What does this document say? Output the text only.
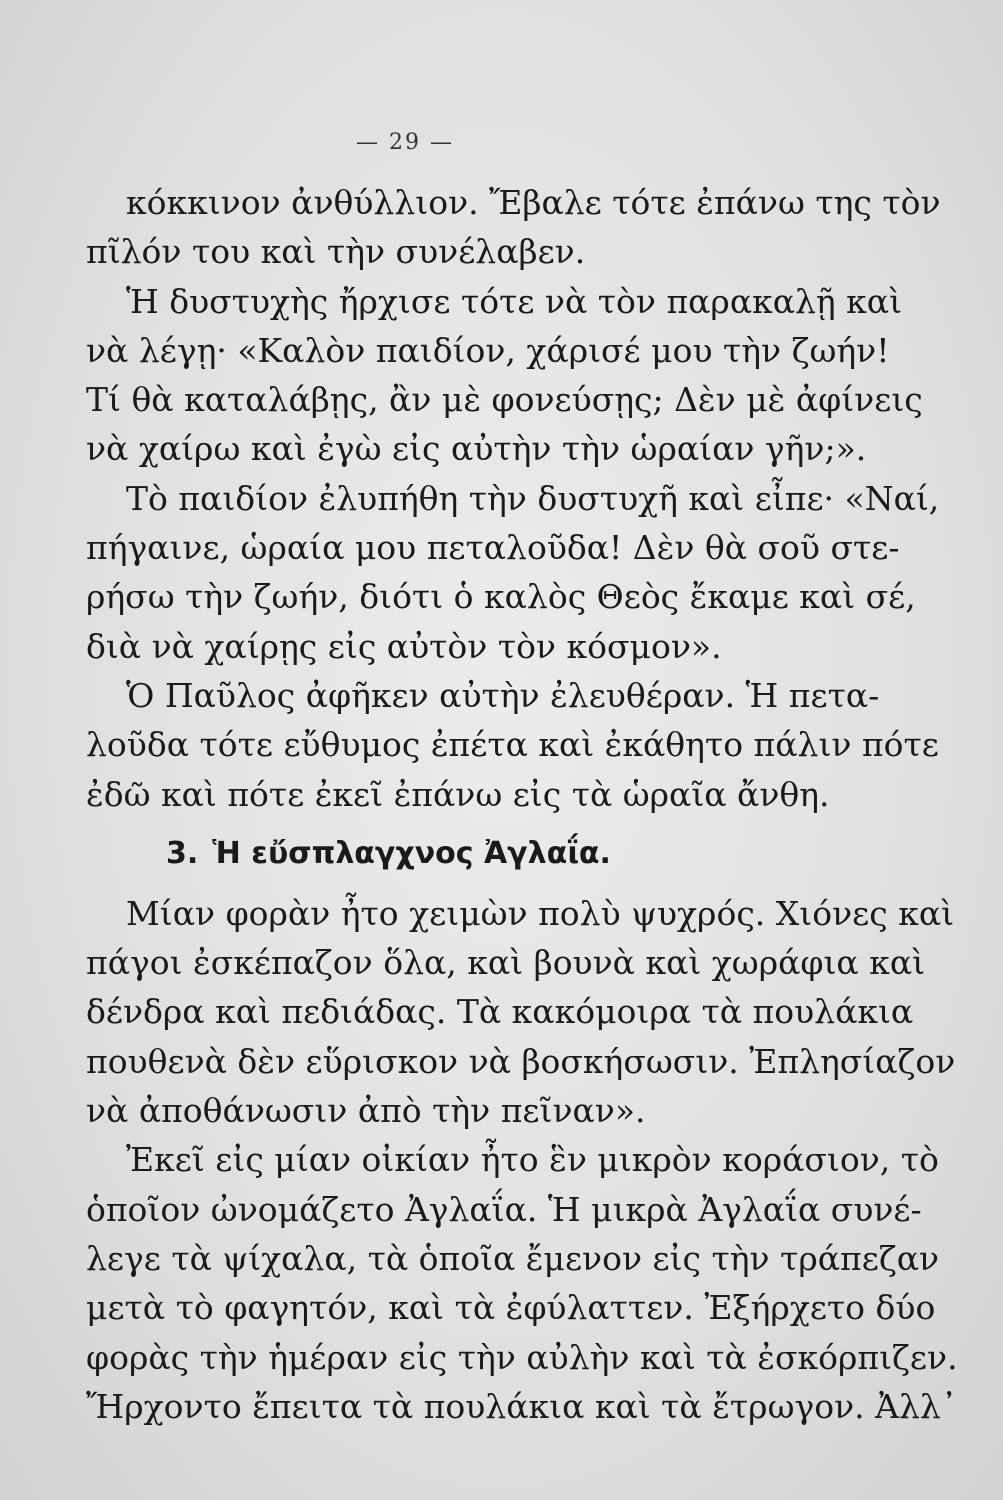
— 29 —
κόκκινον ἀνθύλλιον. Ἔβαλε τότε ἐπάνω της τὸν
πῖλόν του καὶ τὴν συνέλαβεν.
Ἡ δυστυχὴς ἤρχισε τότε νὰ τὸν παρακαλῇ καὶ
νὰ λέγῃ· «Καλὸν παιδίον, χάρισέ μου τὴν ζωήν!
Τί θὰ καταλάβῃς, ἂν μὲ φονεύσῃς; Δὲν μὲ ἀφίνεις
νὰ χαίρω καὶ ἐγὼ εἰς αὐτὴν τὴν ὡραίαν γῆν;».
Τὸ παιδίον ἐλυπήθη τὴν δυστυχῆ καὶ εἶπε· «Ναί,
πήγαινε, ὡραία μου πεταλοῦδα! Δὲν θὰ σοῦ στε-
ρήσω τὴν ζωήν, διότι ὁ καλὸς Θεὸς ἔκαμε καὶ σέ,
διὰ νὰ χαίρῃς εἰς αὐτὸν τὸν κόσμον».
Ὁ Παῦλος ἀφῆκεν αὐτὴν ἐλευθέραν. Ἡ πετα-
λοῦδα τότε εὔθυμος ἐπέτα καὶ ἐκάθητο πάλιν πότε
ἐδῶ καὶ πότε ἐκεῖ ἐπάνω εἰς τὰ ὡραῖα ἄνθη.
3. Ἡ εὔσπλαγχνος Ἀγλαΐα.
Μίαν φορὰν ἦτο χειμὼν πολὺ ψυχρός. Χιόνες καὶ
πάγοι ἐσκέπαζον ὅλα, καὶ βουνὰ καὶ χωράφια καὶ
δένδρα καὶ πεδιάδας. Τὰ κακόμοιρα τὰ πουλάκια
πουθενὰ δὲν εὕρισκον νὰ βοσκήσωσιν. Ἐπλησίαζον
νὰ ἀποθάνωσιν ἀπὸ τὴν πεῖναν».
Ἐκεῖ εἰς μίαν οἰκίαν ἦτο ἓν μικρὸν κοράσιον, τὸ
ὁποῖον ὠνομάζετο Ἀγλαΐα. Ἡ μικρὰ Ἀγλαΐα συνέ-
λεγε τὰ ψίχαλα, τὰ ὁποῖα ἔμενον εἰς τὴν τράπεζαν
μετὰ τὸ φαγητόν, καὶ τὰ ἐφύλαττεν. Ἐξήρχετο δύο
φορὰς τὴν ἡμέραν εἰς τὴν αὐλὴν καὶ τὰ ἐσκόρπιζεν.
Ἤρχοντο ἔπειτα τὰ πουλάκια καὶ τὰ ἔτρωγον. Ἀλλ᾽
